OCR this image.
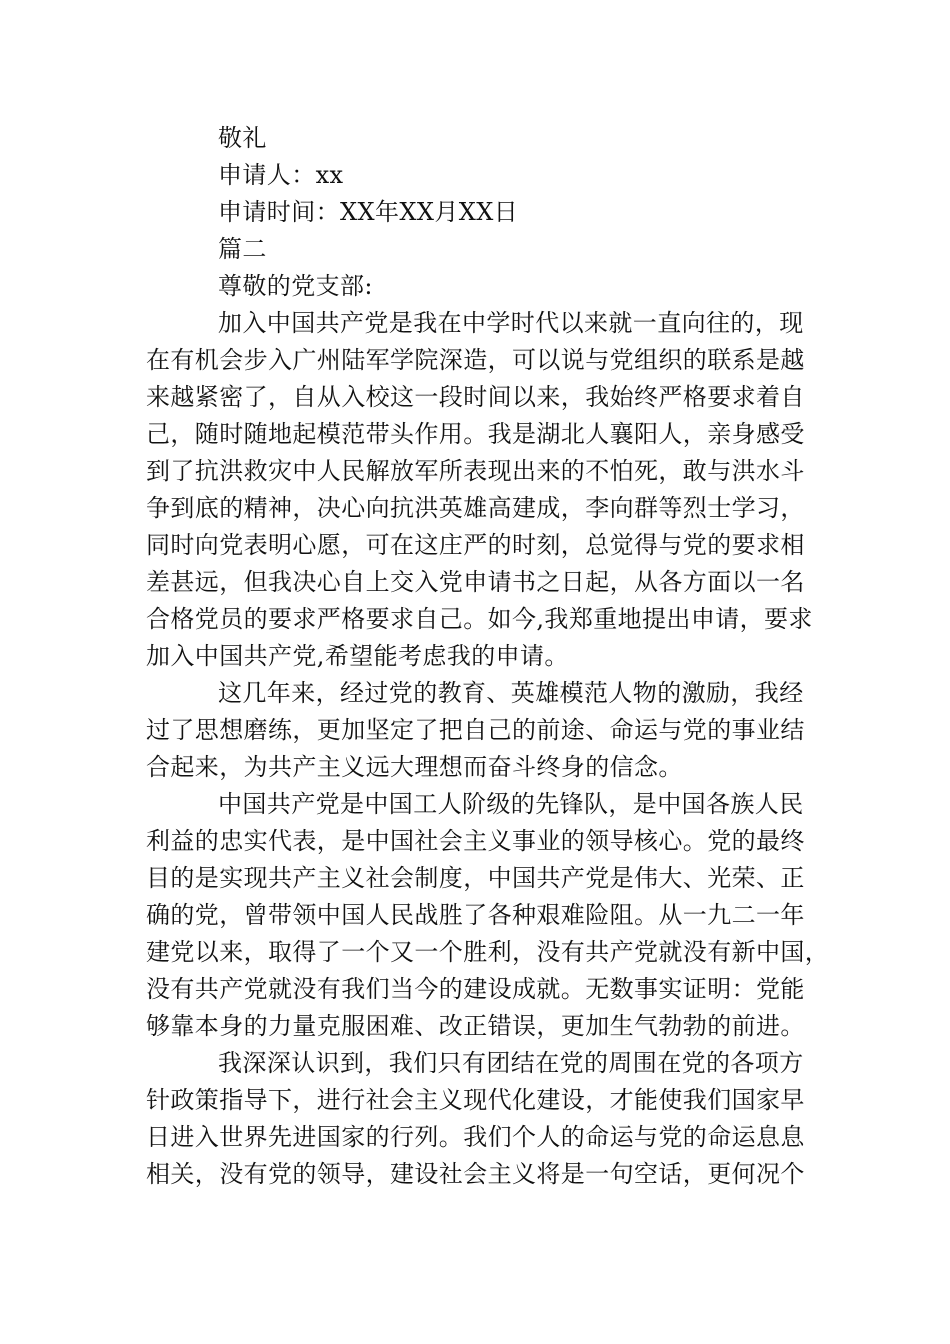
敬礼
申请人：xx
申请时间：XX年XX月XX日
篇二
尊敬的党支部:
加入中国共产党是我在中学时代以来就一直向往的，现
在有机会步入广州陆军学院深造，可以说与党组织的联系是越
来越紧密了，自从入校这一段时间以来，我始终严格要求着自
己，随时随地起模范带头作用。我是湖北人襄阳人，亲身感受
到了抗洪救灾中人民解放军所表现出来的不怕死，敢与洪水斗
争到底的精神，决心向抗洪英雄高建成，李向群等烈士学习，
同时向党表明心愿，可在这庄严的时刻，总觉得与党的要求相
差甚远，但我决心自上交入党申请书之日起，从各方面以一名
合格党员的要求严格要求自己。如今,我郑重地提出申请，要求
加入中国共产党,希望能考虑我的申请。
这几年来，经过党的教育、英雄模范人物的激励，我经
过了思想磨练，更加坚定了把自己的前途、命运与党的事业结
合起来，为共产主义远大理想而奋斗终身的信念。
中国共产党是中国工人阶级的先锋队，是中国各族人民
利益的忠实代表，是中国社会主义事业的领导核心。党的最终
目的是实现共产主义社会制度，中国共产党是伟大、光荣、正
确的党，曾带领中国人民战胜了各种艰难险阻。从一九二一年
建党以来，取得了一个又一个胜利，没有共产党就没有新中国，
没有共产党就没有我们当今的建设成就。无数事实证明：党能
够靠本身的力量克服困难、改正错误，更加生气勃勃的前进。
我深深认识到，我们只有团结在党的周围在党的各项方
针政策指导下，进行社会主义现代化建设，才能使我们国家早
日进入世界先进国家的行列。我们个人的命运与党的命运息息
相关，没有党的领导，建设社会主义将是一句空话，更何况个
